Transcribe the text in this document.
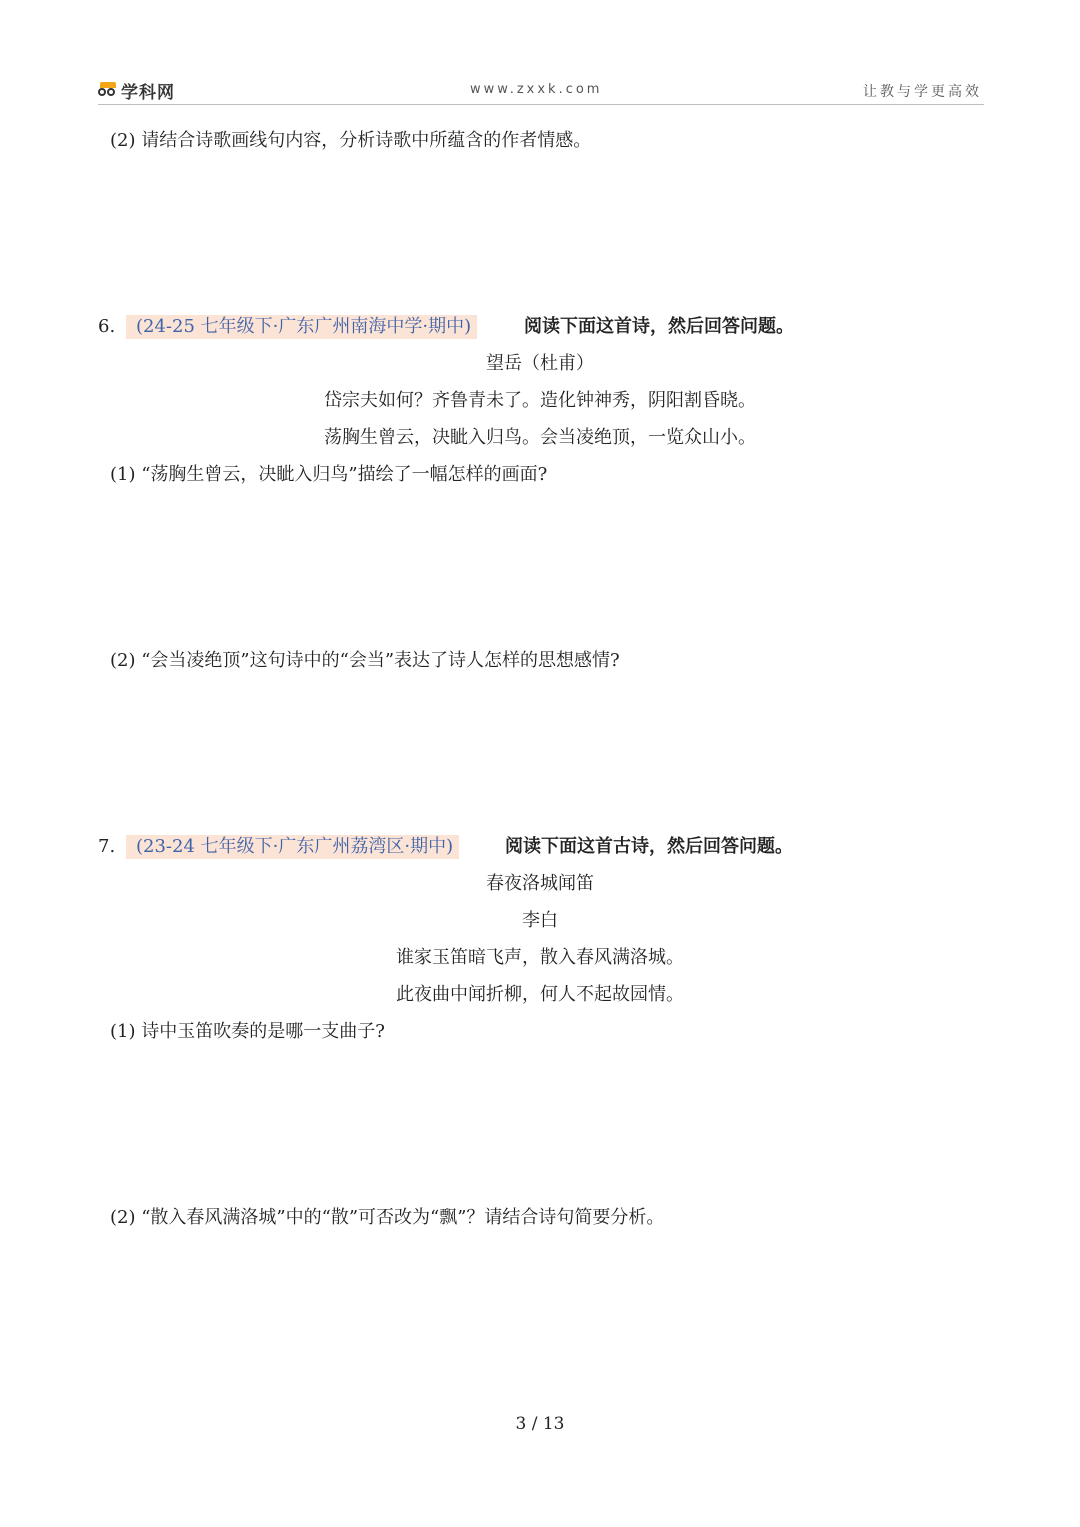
学科网	www.zxxk.com	让教与学更高效
(2) 请结合诗歌画线句内容，分析诗歌中所蕴含的作者情感。
6.	(24-25 七年级下·广东广州南海中学·期中)	阅读下面这首诗，然后回答问题。
望岳（杜甫）
岱宗夫如何？齐鲁青未了。造化钟神秀，阴阳割昏晓。
荡胸生曾云，决眦入归鸟。会当凌绝顶，一览众山小。
(1) “荡胸生曾云，决眦入归鸟”描绘了一幅怎样的画面?
(2) “会当凌绝顶”这句诗中的“会当”表达了诗人怎样的思想感情?
7.	(23-24 七年级下·广东广州荔湾区·期中)	阅读下面这首古诗，然后回答问题。
春夜洛城闻笛
李白
谁家玉笛暗飞声，散入春风满洛城。
此夜曲中闻折柳，何人不起故园情。
(1) 诗中玉笛吹奏的是哪一支曲子?
(2) “散入春风满洛城”中的“散”可否改为“飘”？请结合诗句简要分析。
3 / 13
